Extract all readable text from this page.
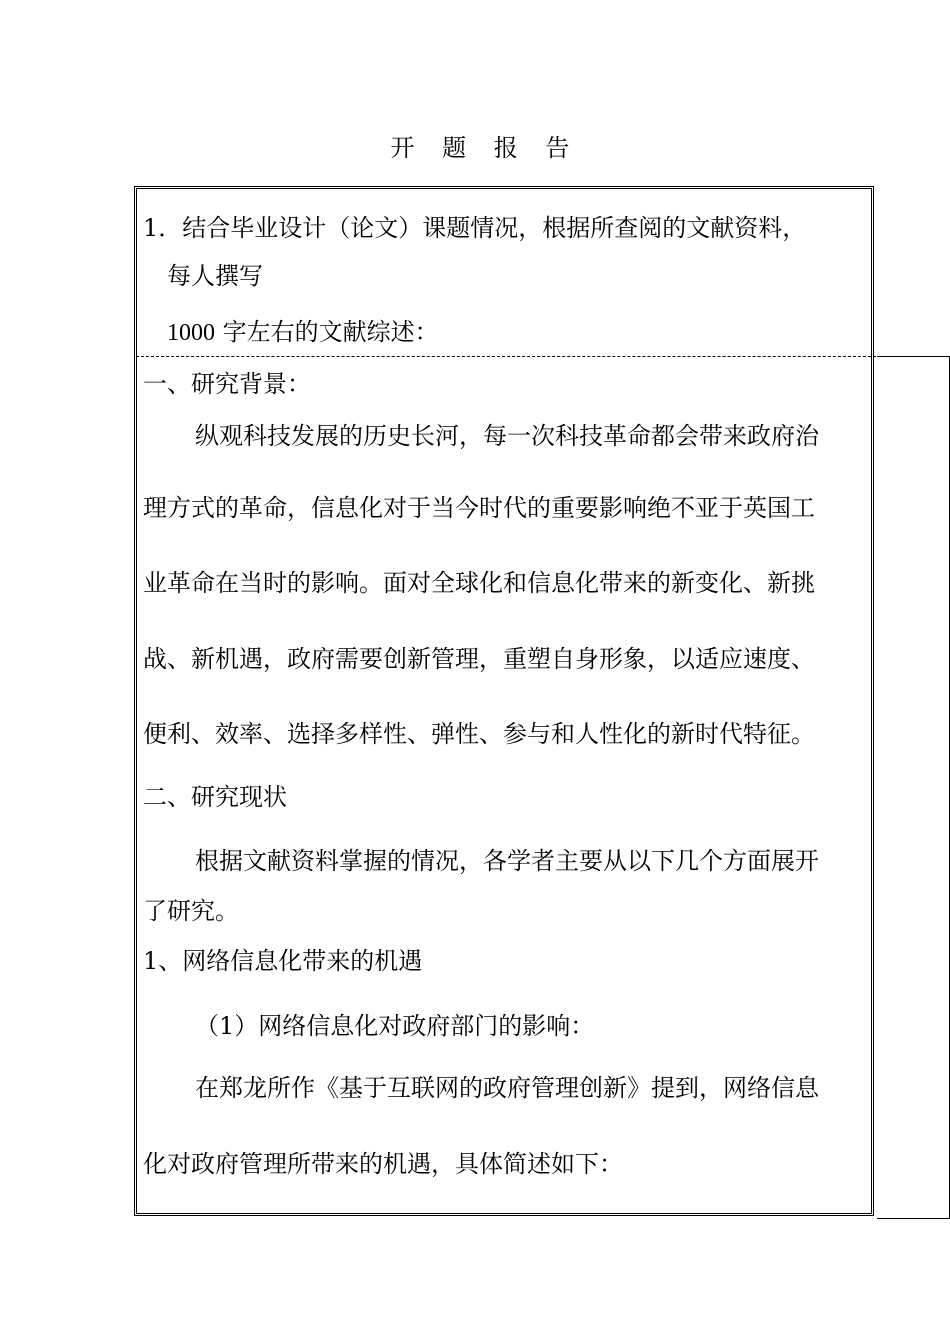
开 题 报 告
1．结合毕业设计（论文）课题情况，根据所查阅的文献资料，
每人撰写
1000 字左右的文献综述：
一、研究背景：
纵观科技发展的历史长河，每一次科技革命都会带来政府治
理方式的革命，信息化对于当今时代的重要影响绝不亚于英国工
业革命在当时的影响。面对全球化和信息化带来的新变化、新挑
战、新机遇，政府需要创新管理，重塑自身形象，以适应速度、
便利、效率、选择多样性、弹性、参与和人性化的新时代特征。
二、研究现状
根据文献资料掌握的情况，各学者主要从以下几个方面展开
了研究。
1、网络信息化带来的机遇
（1）网络信息化对政府部门的影响：
在郑龙所作《基于互联网的政府管理创新》提到，网络信息
化对政府管理所带来的机遇，具体简述如下：
